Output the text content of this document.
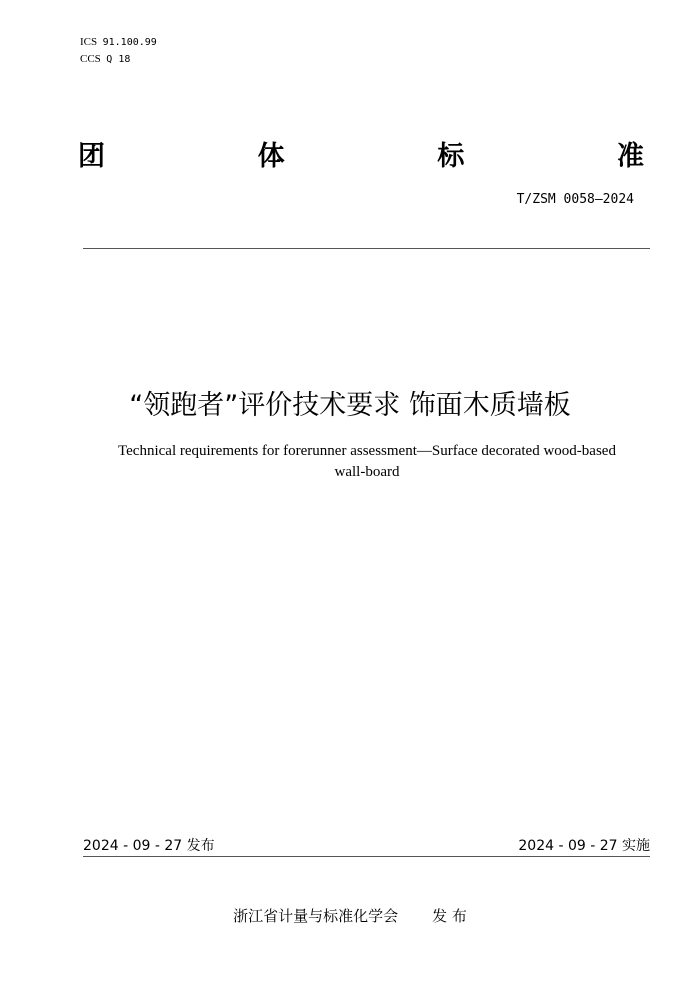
ICS 91.100.99
CCS Q 18
团	体	标	准
T/ZSM 0058—2024
“领跑者”评价技术要求 饰面木质墙板
Technical requirements for forerunner assessment—Surface decorated wood-based
wall-board
2024 - 09 - 27 发布	2024 - 09 - 27 实施
浙江省计量与标准化学会 发 布
